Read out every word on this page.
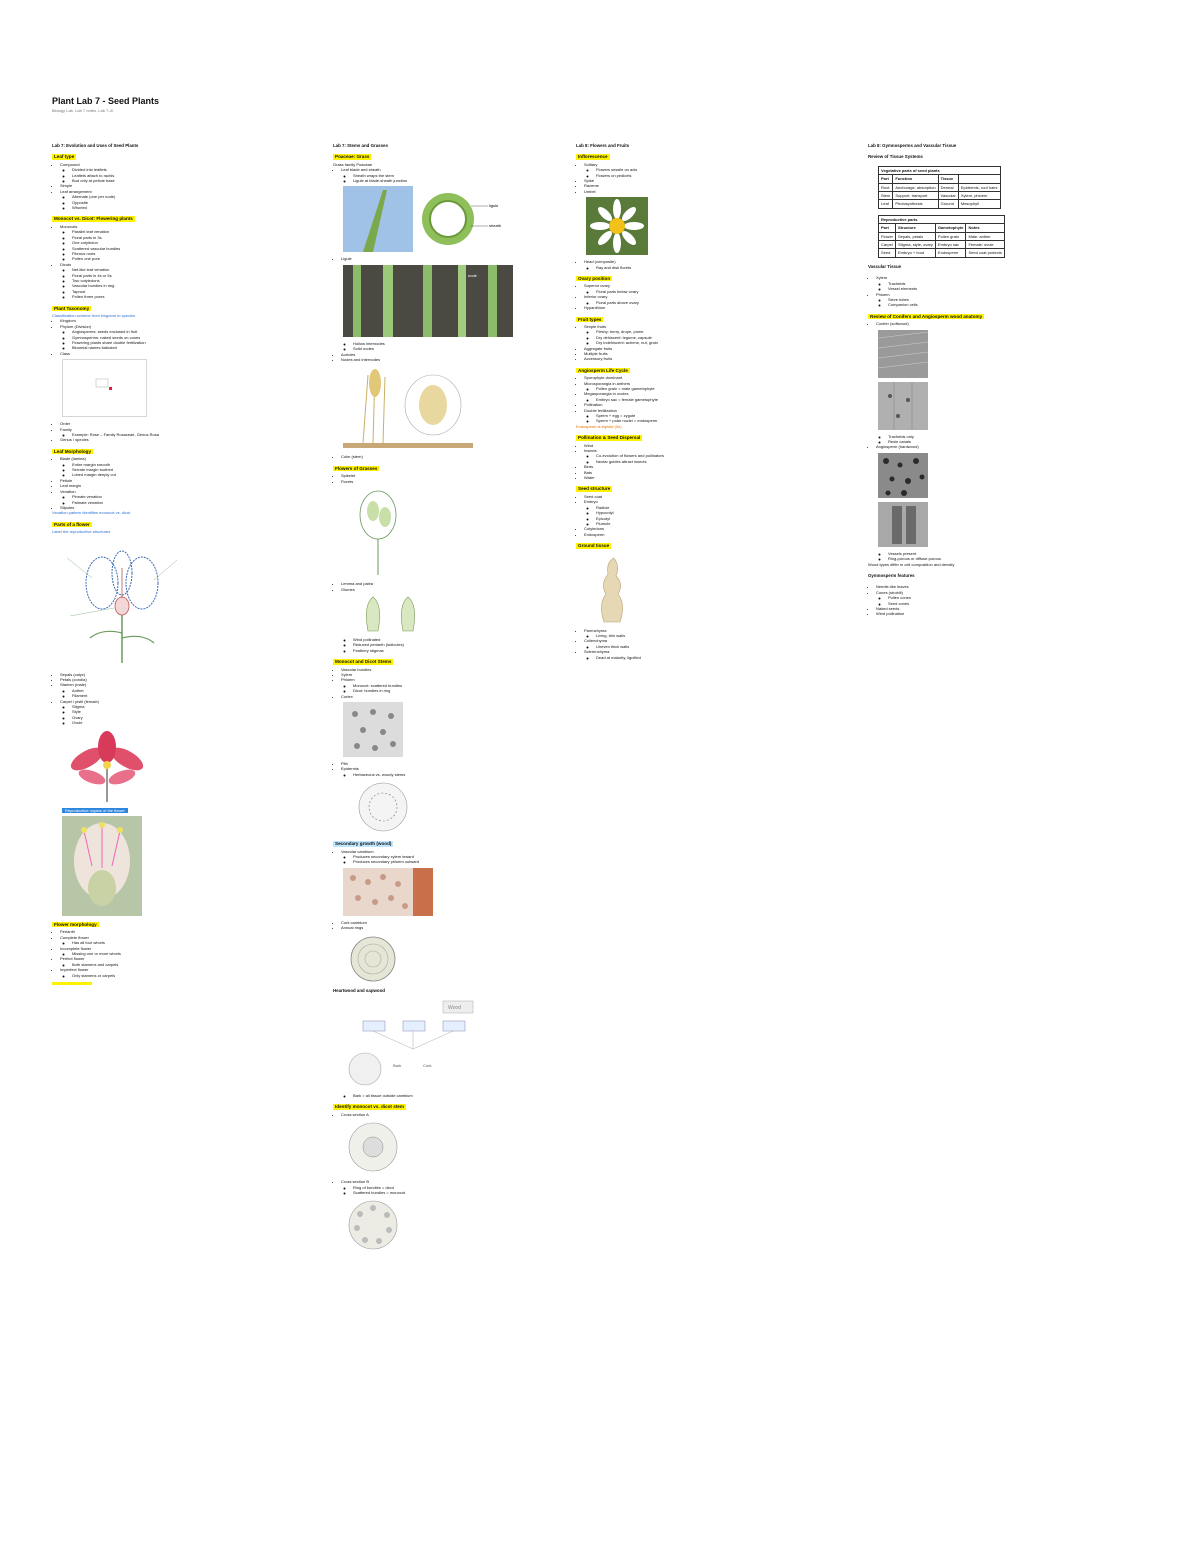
Plant Lab 7 - Seed Plants
Biology Lab, Lab 7 notes, Lab 7–8
Lab 7: Evolution and Uses of Seed Plants
Leaf type
• Compound
◦ Divided into leaflets
◦ Leaflets attach to rachis
◦ Bud only at petiole base
• Simple
• Leaf arrangement
◦ Alternate (one per node)
◦ Opposite
◦ Whorled
Monocot vs. Dicot: Flowering plants
• Monocots
◦ Parallel leaf venation
◦ Floral parts in 3s
◦ One cotyledon
◦ Scattered vascular bundles
◦ Fibrous roots
◦ Pollen one pore
• Dicots
◦ Net-like leaf venation
◦ Floral parts in 4s or 5s
◦ Two cotyledons
◦ Vascular bundles in ring
◦ Taproot
◦ Pollen three pores
Plant Taxonomy
Classification scheme from kingdom to species
• Kingdom
• Phylum (Division)
◦ Angiosperms: seeds enclosed in fruit
◦ Gymnosperms: naked seeds on cones
◦ Flowering plants share double fertilization
◦ Binomial names italicized
• Class
• Order
• Family
◦ Example: Rose – Family Rosaceae, Genus Rosa
• Genus / species
Leaf Morphology
• Blade (lamina)
◦ Entire margin smooth
◦ Serrate margin toothed
◦ Lobed margin deeply cut
• Petiole
• Leaf margin
• Venation
◦ Pinnate venation
◦ Palmate venation
• Stipules
Venation pattern identifies monocot vs. dicot
Parts of a flower
Label the reproductive structures
• Sepals (calyx)
• Petals (corolla)
• Stamen (male)
◦ Anther
◦ Filament
• Carpel / pistil (female)
◦ Stigma
◦ Style
◦ Ovary
◦ Ovule
Reproductive organs of the flower
Flower morphology
• Perianth
• Complete flower
◦ Has all four whorls
• Incomplete flower
◦ Missing one or more whorls
• Perfect flower
◦ Both stamens and carpels
• Imperfect flower
◦ Only stamens or carpels
Lab 7: Stems and Grasses
Poaceae: Grass
Grass family Poaceae
• Leaf blade and sheath
◦ Sheath wraps the stem
◦ Ligule at blade-sheath junction
ligule
sheath
• Ligule
node
◦ Hollow internodes
◦ Solid nodes
• Auricles
• Nodes and internodes
• Culm (stem)
Flowers of Grasses
• Spikelet
• Florets
• Lemma and palea
• Glumes
◦ Wind pollinated
◦ Reduced perianth (lodicules)
◦ Feathery stigmas
Monocot and Dicot Stems
• Vascular bundles
• Xylem
• Phloem
◦ Monocot: scattered bundles
◦ Dicot: bundles in ring
• Cortex
• Pith
• Epidermis
◦ Herbaceous vs. woody stems
Secondary growth (wood)
• Vascular cambium
◦ Produces secondary xylem inward
◦ Produces secondary phloem outward
• Cork cambium
• Annual rings
Heartwood and sapwood
Wood
Bark	Cork
◦ Bark = all tissue outside cambium
Identify monocot vs. dicot stem
• Cross section A
• Cross section B
◦ Ring of bundles = dicot
◦ Scattered bundles = monocot
Lab 8: Flowers and Fruits
Inflorescence
• Solitary
◦ Flowers sessile on axis
◦ Flowers on pedicels
• Spike
• Raceme
• Umbel
• Head (composite)
◦ Ray and disk florets
Ovary position
• Superior ovary
◦ Floral parts below ovary
• Inferior ovary
◦ Floral parts above ovary
• Hypanthium
Fruit types
• Simple fruits
◦ Fleshy: berry, drupe, pome
◦ Dry dehiscent: legume, capsule
◦ Dry indehiscent: achene, nut, grain
• Aggregate fruits
• Multiple fruits
• Accessory fruits
Angiosperm Life Cycle
• Sporophyte dominant
• Microsporangia in anthers
◦ Pollen grain = male gametophyte
• Megasporangia in ovules
◦ Embryo sac = female gametophyte
• Pollination
• Double fertilization
◦ Sperm + egg = zygote
◦ Sperm + polar nuclei = endosperm
Endosperm is triploid (3n)
Pollination & Seed Dispersal
• Wind
• Insects
◦ Co-evolution of flowers and pollinators
◦ Nectar guides attract insects
• Birds
• Bats
• Water
Seed structure
• Seed coat
• Embryo
◦ Radicle
◦ Hypocotyl
◦ Epicotyl
◦ Plumule
• Cotyledons
• Endosperm
Ground tissue
• Parenchyma
◦ Living, thin walls
• Collenchyma
◦ Uneven thick walls
• Sclerenchyma
◦ Dead at maturity, lignified
Lab 8: Gymnosperms and Vascular Tissue
Review of Tissue Systems
Vegetative parts of seed plants			
Part	Function	Tissue	
Root	Anchorage, absorption	Dermal	Epidermis, root hairs
Stem	Support, transport	Vascular	Xylem, phloem
Leaf	Photosynthesis	Ground	Mesophyll
Reproductive parts			
Part	Structure	Gametophyte	Notes
Flower	Sepals, petals	Pollen grain	Male: anther
Carpel	Stigma, style, ovary	Embryo sac	Female: ovule
Seed	Embryo + food	Endosperm	Seed coat protects
Vascular Tissue
• Xylem
◦ Tracheids
◦ Vessel elements
• Phloem
◦ Sieve tubes
◦ Companion cells
Review of Conifers and Angiosperm wood anatomy
• Conifer (softwood)
◦ Tracheids only
◦ Resin canals
• Angiosperm (hardwood)
◦ Vessels present
◦ Ring-porous or diffuse-porous
Wood types differ in cell composition and density
Gymnosperm features
• Needle-like leaves
• Cones (strobili)
◦ Pollen cones
◦ Seed cones
• Naked seeds
• Wind pollination
